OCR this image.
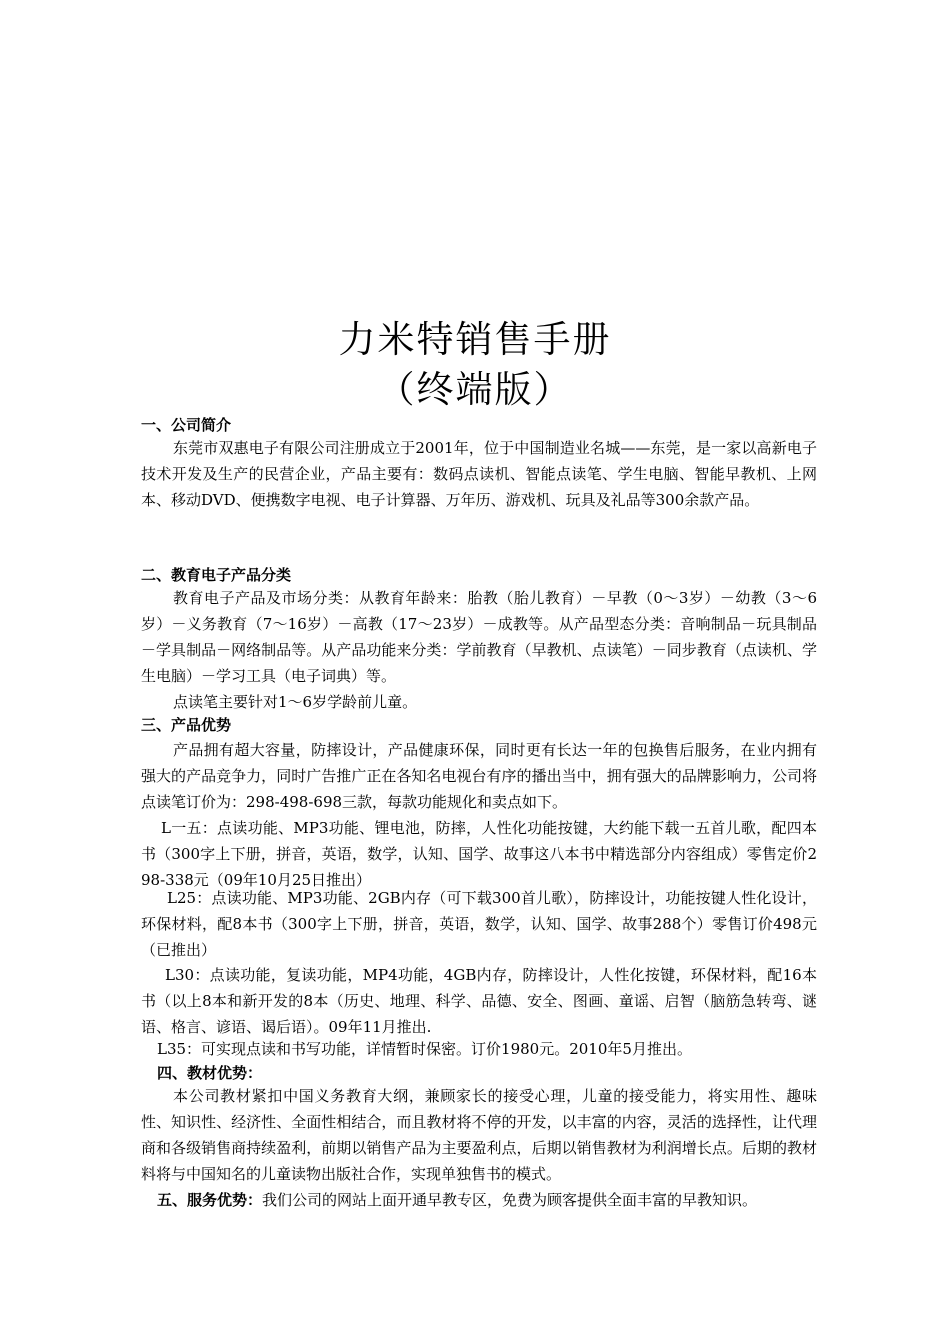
力米特销售手册
（终端版）
一、公司简介
东莞市双惠电子有限公司注册成立于2001年，位于中国制造业名城——东莞，是一家以高新电子技术开发及生产的民营企业，产品主要有：数码点读机、智能点读笔、学生电脑、智能早教机、上网本、移动DVD、便携数字电视、电子计算器、万年历、游戏机、玩具及礼品等300余款产品。
二、教育电子产品分类
教育电子产品及市场分类：从教育年龄来：胎教（胎儿教育）－早教（0～3岁）－幼教（3～6岁）－义务教育（7～16岁）－高教（17～23岁）－成教等。从产品型态分类：音响制品－玩具制品－学具制品－网络制品等。从产品功能来分类：学前教育（早教机、点读笔）－同步教育（点读机、学生电脑）－学习工具（电子词典）等。
点读笔主要针对1～6岁学龄前儿童。
三、产品优势
产品拥有超大容量，防摔设计，产品健康环保，同时更有长达一年的包换售后服务，在业内拥有强大的产品竞争力，同时广告推广正在各知名电视台有序的播出当中，拥有强大的品牌影响力，公司将点读笔订价为：298-498-698三款，每款功能规化和卖点如下。
L一五：点读功能、MP3功能、锂电池，防摔，人性化功能按键，大约能下载一五首儿歌，配四本书（300字上下册，拼音，英语，数学，认知、国学、故事这八本书中精选部分内容组成）零售定价298-338元（09年10月25日推出）
L25：点读功能、MP3功能、2GB内存（可下载300首儿歌），防摔设计，功能按键人性化设计，环保材料，配8本书（300字上下册，拼音，英语，数学，认知、国学、故事288个）零售订价498元（已推出）
L30：点读功能，复读功能，MP4功能，4GB内存，防摔设计，人性化按键，环保材料，配16本书（以上8本和新开发的8本（历史、地理、科学、品德、安全、图画、童谣、启智（脑筋急转弯、谜语、格言、谚语、谒后语）。09年11月推出.
L35：可实现点读和书写功能，详情暂时保密。订价1980元。2010年5月推出。
四、教材优势：
本公司教材紧扣中国义务教育大纲，兼顾家长的接受心理，儿童的接受能力，将实用性、趣味性、知识性、经济性、全面性相结合，而且教材将不停的开发，以丰富的内容，灵活的选择性，让代理商和各级销售商持续盈利，前期以销售产品为主要盈利点，后期以销售教材为利润增长点。后期的教材料将与中国知名的儿童读物出版社合作，实现单独售书的模式。
五、服务优势：我们公司的网站上面开通早教专区，免费为顾客提供全面丰富的早教知识。
